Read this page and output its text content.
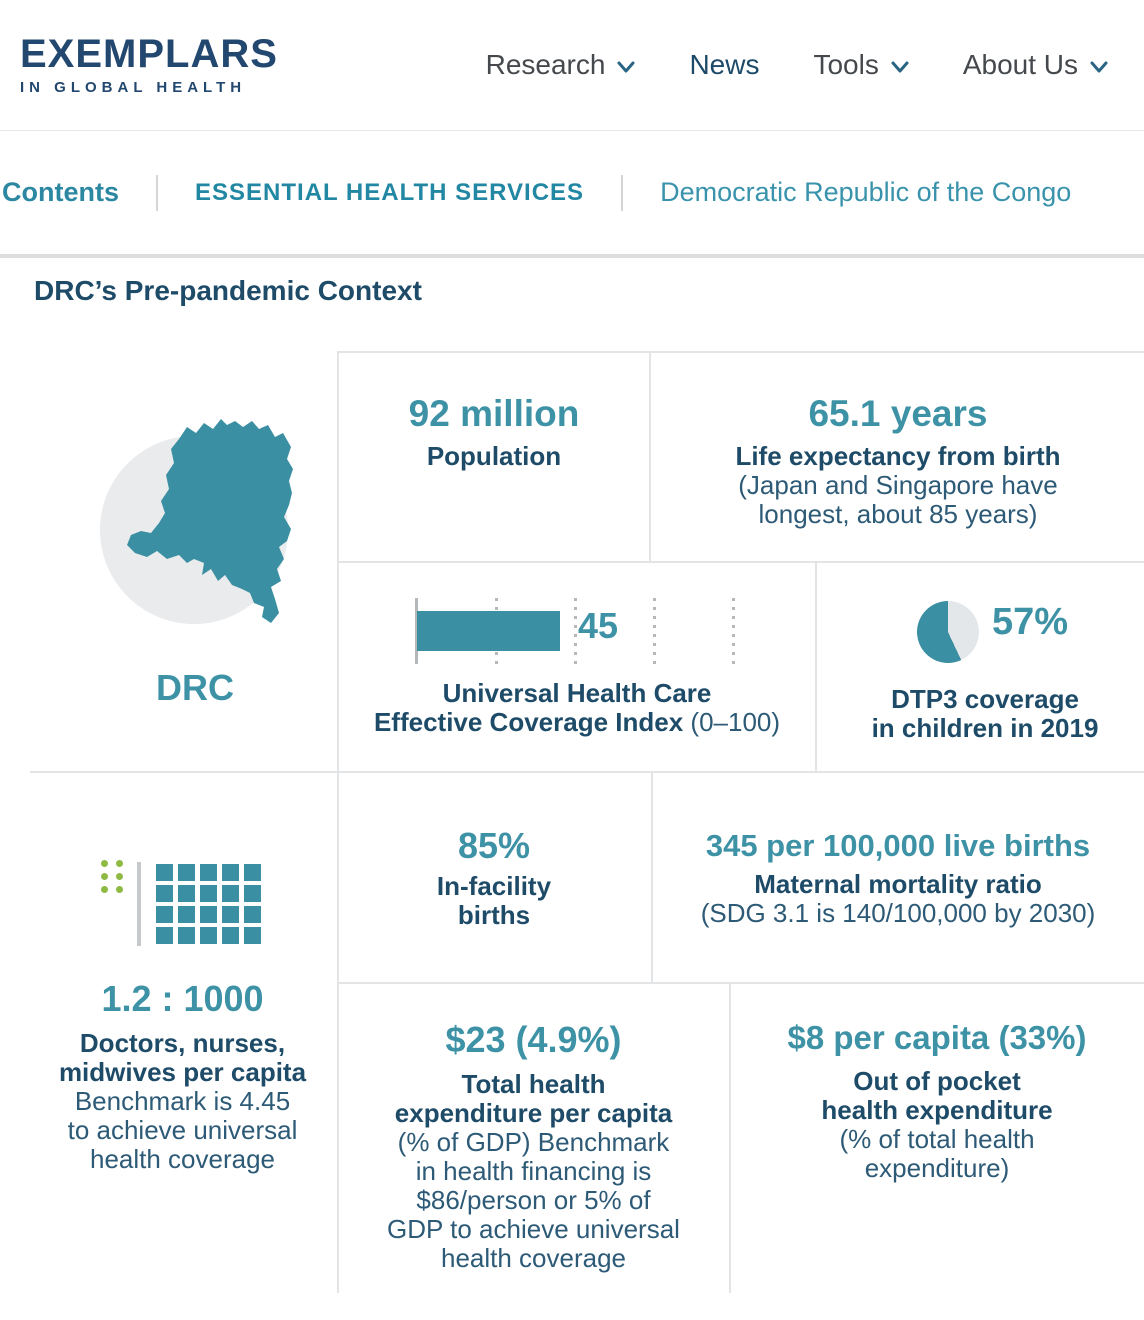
EXEMPLARS
IN GLOBAL HEALTH
Research	News Tools	About Us
Contents	ESSENTIAL HEALTH SERVICES	Democratic Republic of the Congo
DRC’s Pre-pandemic Context
DRC
92 million
Population
65.1 years
Life expectancy from birth
(Japan and Singapore have
longest, about 85 years)
45
Universal Health Care
Effective Coverage Index (0–100)
57%
DTP3 coverage
in children in 2019
1.2 : 1000
Doctors, nurses,
midwives per capita
Benchmark is 4.45
to achieve universal
health coverage
85%
In-facility
births
345 per 100,000 live births
Maternal mortality ratio
(SDG 3.1 is 140/100,000 by 2030)
$23 (4.9%)
Total health
expenditure per capita
(% of GDP) Benchmark
in health financing is
$86/person or 5% of
GDP to achieve universal
health coverage
$8 per capita (33%)
Out of pocket
health expenditure
(% of total health
expenditure)
